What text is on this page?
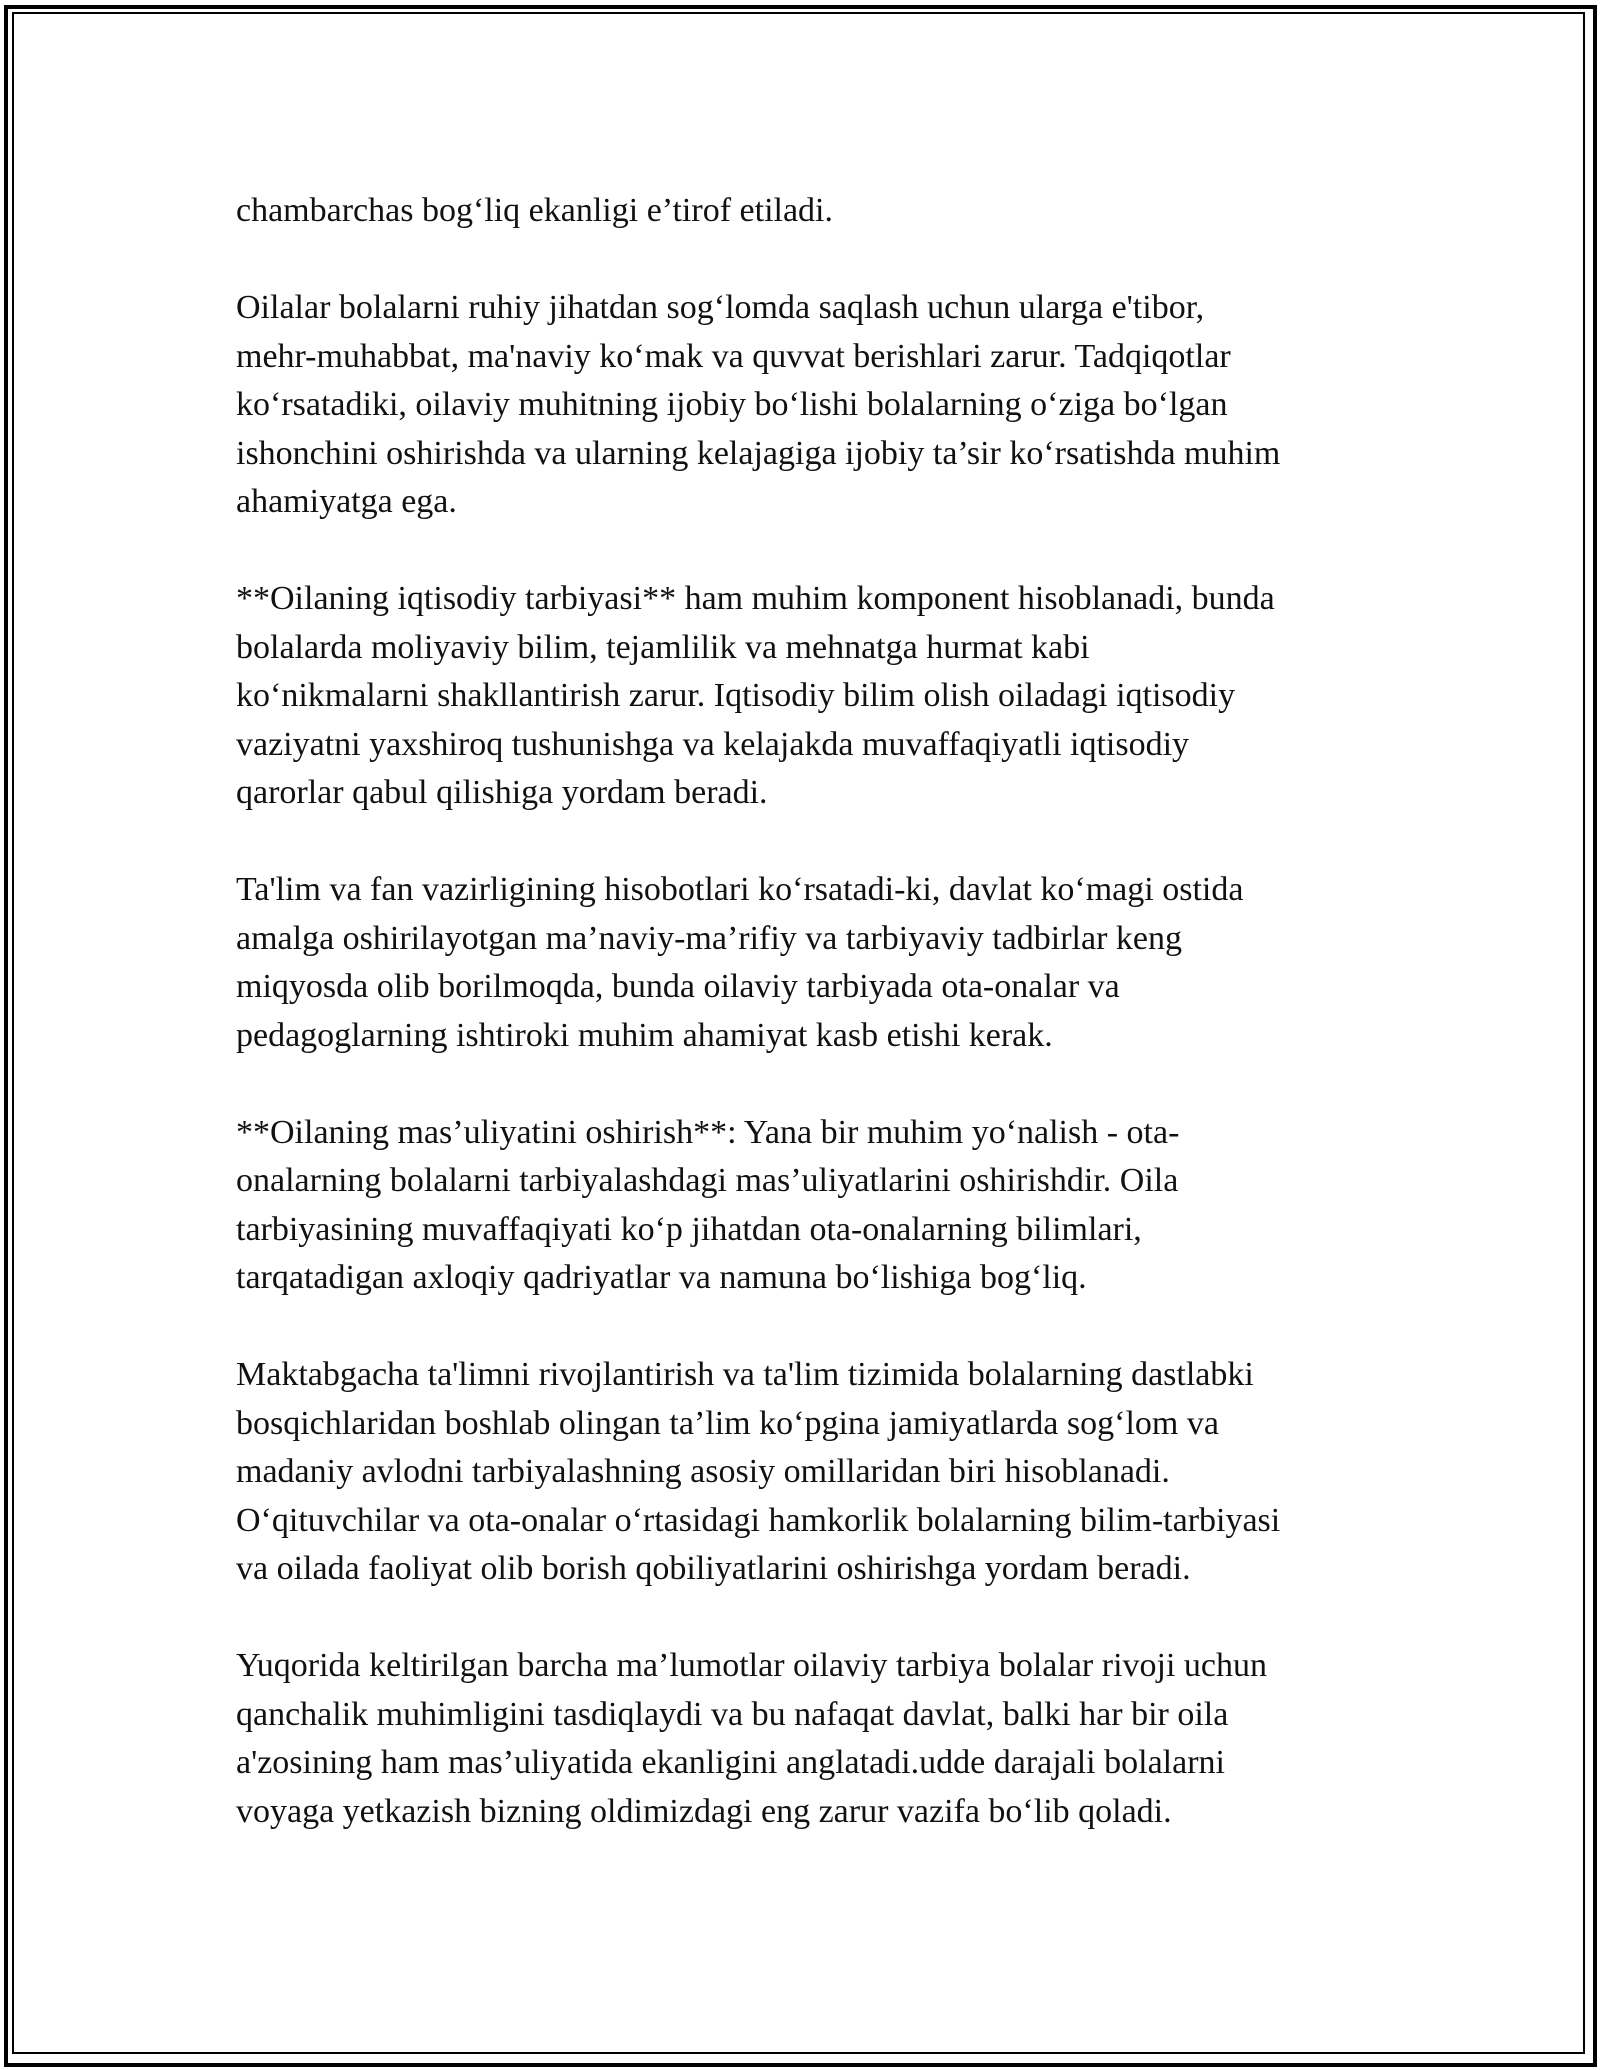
chambarchas bog‘liq ekanligi e’tirof etiladi.

Oilalar bolalarni ruhiy jihatdan sog‘lomda saqlash uchun ularga e'tibor,
mehr-muhabbat, ma'naviy ko‘mak va quvvat berishlari zarur. Tadqiqotlar
ko‘rsatadiki, oilaviy muhitning ijobiy bo‘lishi bolalarning o‘ziga bo‘lgan
ishonchini oshirishda va ularning kelajagiga ijobiy ta’sir ko‘rsatishda muhim
ahamiyatga ega.

**Oilaning iqtisodiy tarbiyasi** ham muhim komponent hisoblanadi, bunda
bolalarda moliyaviy bilim, tejamlilik va mehnatga hurmat kabi
ko‘nikmalarni shakllantirish zarur. Iqtisodiy bilim olish oiladagi iqtisodiy
vaziyatni yaxshiroq tushunishga va kelajakda muvaffaqiyatli iqtisodiy
qarorlar qabul qilishiga yordam beradi.

Ta'lim va fan vazirligining hisobotlari ko‘rsatadi-ki, davlat ko‘magi ostida
amalga oshirilayotgan ma’naviy-ma’rifiy va tarbiyaviy tadbirlar keng
miqyosda olib borilmoqda, bunda oilaviy tarbiyada ota-onalar va
pedagoglarning ishtiroki muhim ahamiyat kasb etishi kerak.

**Oilaning mas’uliyatini oshirish**: Yana bir muhim yo‘nalish - ota-
onalarning bolalarni tarbiyalashdagi mas’uliyatlarini oshirishdir. Oila
tarbiyasining muvaffaqiyati ko‘p jihatdan ota-onalarning bilimlari,
tarqatadigan axloqiy qadriyatlar va namuna bo‘lishiga bog‘liq.

Maktabgacha ta'limni rivojlantirish va ta'lim tizimida bolalarning dastlabki
bosqichlaridan boshlab olingan ta’lim ko‘pgina jamiyatlarda sog‘lom va
madaniy avlodni tarbiyalashning asosiy omillaridan biri hisoblanadi.
O‘qituvchilar va ota-onalar o‘rtasidagi hamkorlik bolalarning bilim-tarbiyasi
va oilada faoliyat olib borish qobiliyatlarini oshirishga yordam beradi.

Yuqorida keltirilgan barcha ma’lumotlar oilaviy tarbiya bolalar rivoji uchun
qanchalik muhimligini tasdiqlaydi va bu nafaqat davlat, balki har bir oila
a'zosining ham mas’uliyatida ekanligini anglatadi.udde darajali bolalarni
voyaga yetkazish bizning oldimizdagi eng zarur vazifa bo‘lib qoladi.
